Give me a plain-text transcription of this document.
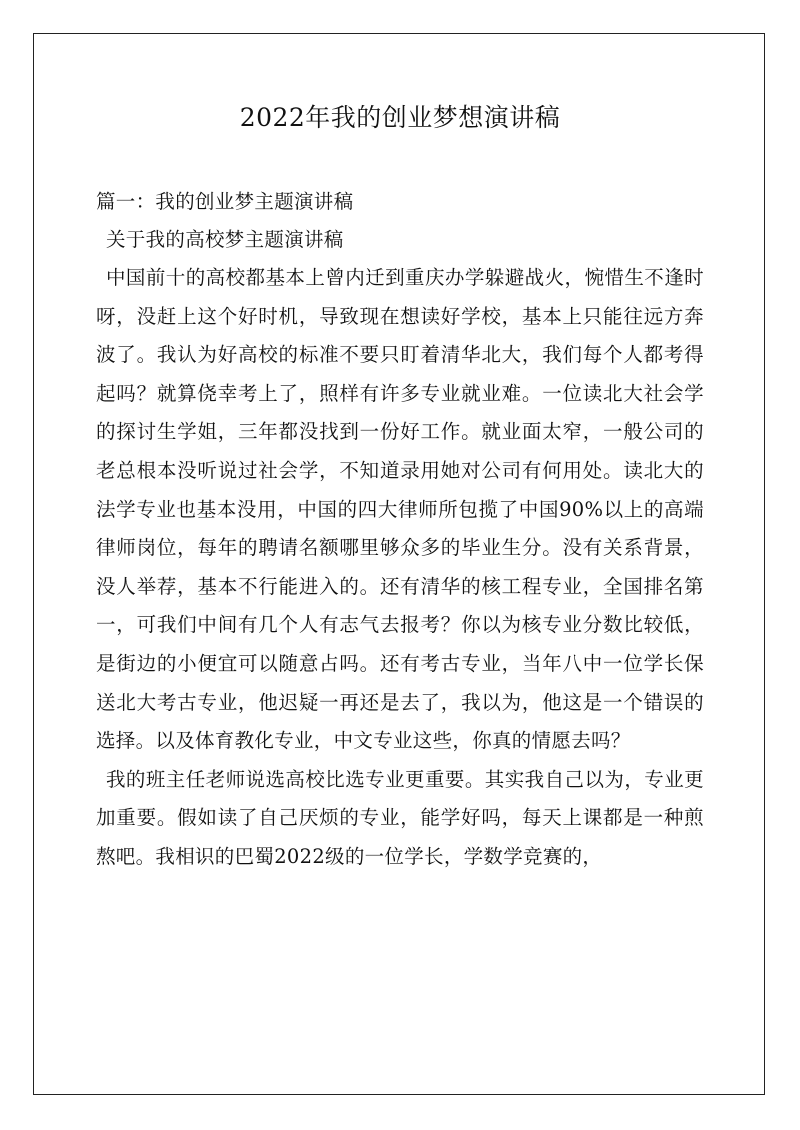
2022年我的创业梦想演讲稿

篇一：我的创业梦主题演讲稿

关于我的高校梦主题演讲稿

中国前十的高校都基本上曾内迁到重庆办学躲避战火，惋惜生不逢时呀，没赶上这个好时机，导致现在想读好学校，基本上只能往远方奔波了。我认为好高校的标准不要只盯着清华北大，我们每个人都考得起吗？就算侥幸考上了，照样有许多专业就业难。一位读北大社会学的探讨生学姐，三年都没找到一份好工作。就业面太窄，一般公司的老总根本没听说过社会学，不知道录用她对公司有何用处。读北大的法学专业也基本没用，中国的四大律师所包揽了中国90%以上的高端律师岗位，每年的聘请名额哪里够众多的毕业生分。没有关系背景，没人举荐，基本不行能进入的。还有清华的核工程专业，全国排名第一，可我们中间有几个人有志气去报考？你以为核专业分数比较低，是街边的小便宜可以随意占吗。还有考古专业，当年八中一位学长保送北大考古专业，他迟疑一再还是去了，我以为，他这是一个错误的选择。以及体育教化专业，中文专业这些，你真的情愿去吗？

我的班主任老师说选高校比选专业更重要。其实我自己以为，专业更加重要。假如读了自己厌烦的专业，能学好吗，每天上课都是一种煎熬吧。我相识的巴蜀2022级的一位学长，学数学竞赛的，
